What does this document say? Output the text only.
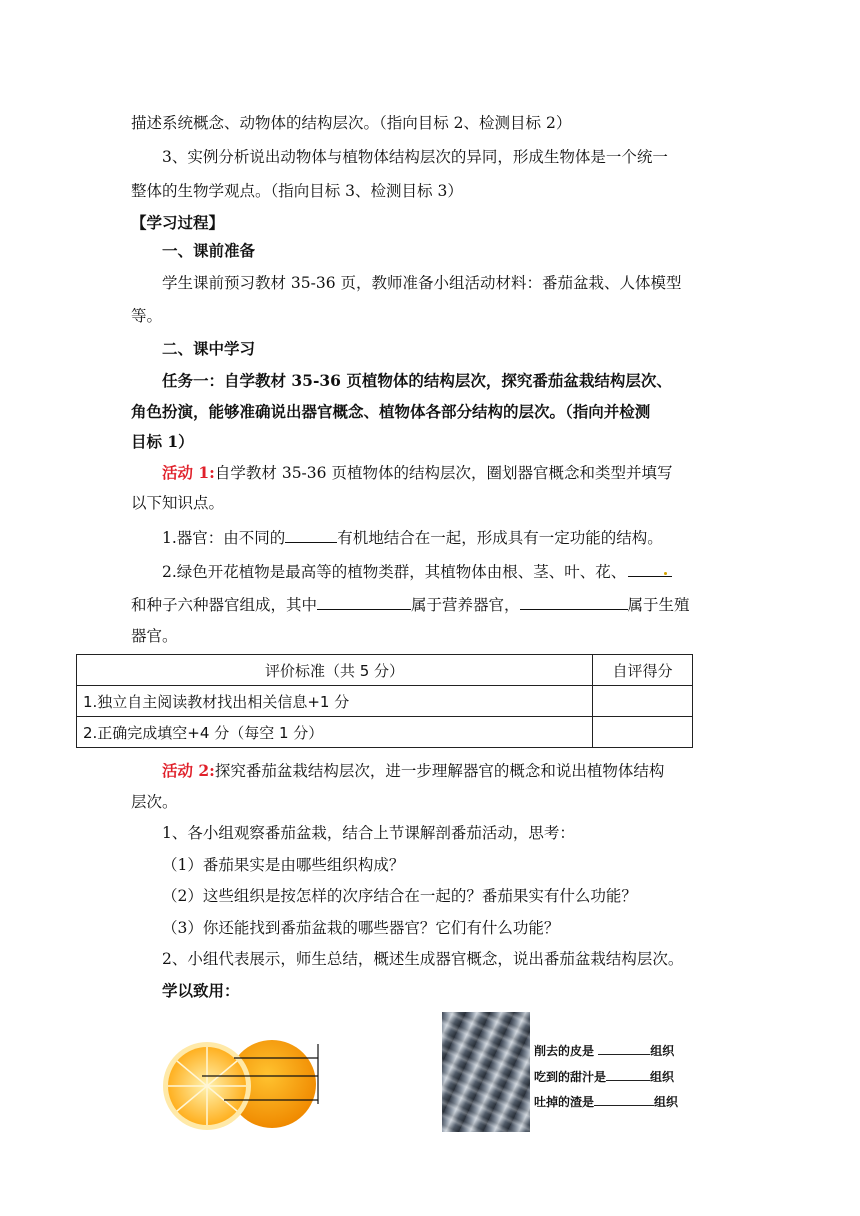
描述系统概念、动物体的结构层次。（指向目标 2、检测目标 2）
3、实例分析说出动物体与植物体结构层次的异同，形成生物体是一个统一
整体的生物学观点。（指向目标 3、检测目标 3）
【学习过程】
一、课前准备
学生课前预习教材 35-36 页，教师准备小组活动材料：番茄盆栽、人体模型
等。
二、课中学习
任务一：自学教材 35-36 页植物体的结构层次，探究番茄盆栽结构层次、
角色扮演，能够准确说出器官概念、植物体各部分结构的层次。（指向并检测
目标 1）
活动 1:自学教材 35-36 页植物体的结构层次，圈划器官概念和类型并填写
以下知识点。
1.器官：由不同的	有机地结合在一起，形成具有一定功能的结构。
2.绿色开花植物是最高等的植物类群，其植物体由根、茎、叶、花、
和种子六种器官组成，其中	属于营养器官，	属于生殖
器官。
评价标准（共 5 分）	自评得分
1.独立自主阅读教材找出相关信息+1 分	
2.正确完成填空+4 分（每空 1 分）	
活动 2:探究番茄盆栽结构层次，进一步理解器官的概念和说出植物体结构
层次。
1、各小组观察番茄盆栽，结合上节课解剖番茄活动，思考：
（1）番茄果实是由哪些组织构成？
（2）这些组织是按怎样的次序结合在一起的？番茄果实有什么功能？
（3）你还能找到番茄盆栽的哪些器官？它们有什么功能？
2、小组代表展示，师生总结，概述生成器官概念，说出番茄盆栽结构层次。
学以致用：
削去的皮是	组织
吃到的甜汁是	组织
吐掉的渣是	组织
